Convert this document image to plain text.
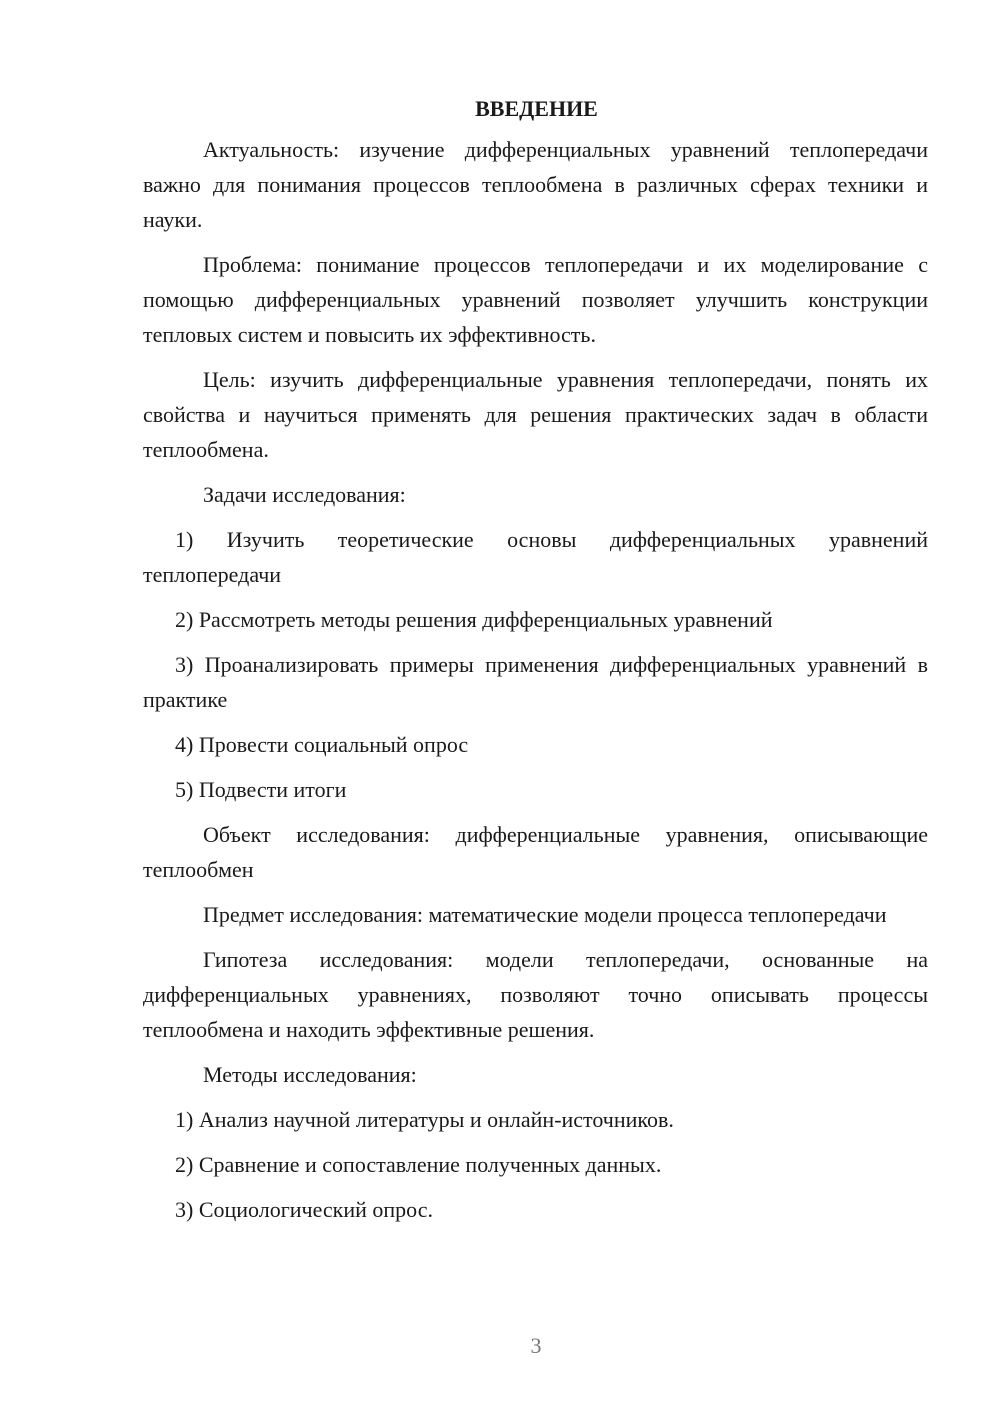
ВВЕДЕНИЕ

Актуальность: изучение дифференциальных уравнений теплопередачи важно для понимания процессов теплообмена в различных сферах техники и науки.

Проблема: понимание процессов теплопередачи и их моделирование с помощью дифференциальных уравнений позволяет улучшить конструкции тепловых систем и повысить их эффективность.

Цель: изучить дифференциальные уравнения теплопередачи, понять их свойства и научиться применять для решения практических задач в области теплообмена.

Задачи исследования:

1) Изучить теоретические основы дифференциальных уравнений теплопередачи

2) Рассмотреть методы решения дифференциальных уравнений

3) Проанализировать примеры применения дифференциальных уравнений в практике

4) Провести социальный опрос

5) Подвести итоги

Объект исследования: дифференциальные уравнения, описывающие теплообмен

Предмет исследования: математические модели процесса теплопередачи

Гипотеза исследования: модели теплопередачи, основанные на дифференциальных уравнениях, позволяют точно описывать процессы теплообмена и находить эффективные решения.

Методы исследования:

1) Анализ научной литературы и онлайн-источников.

2) Сравнение и сопоставление полученных данных.

3) Социологический опрос.

3
